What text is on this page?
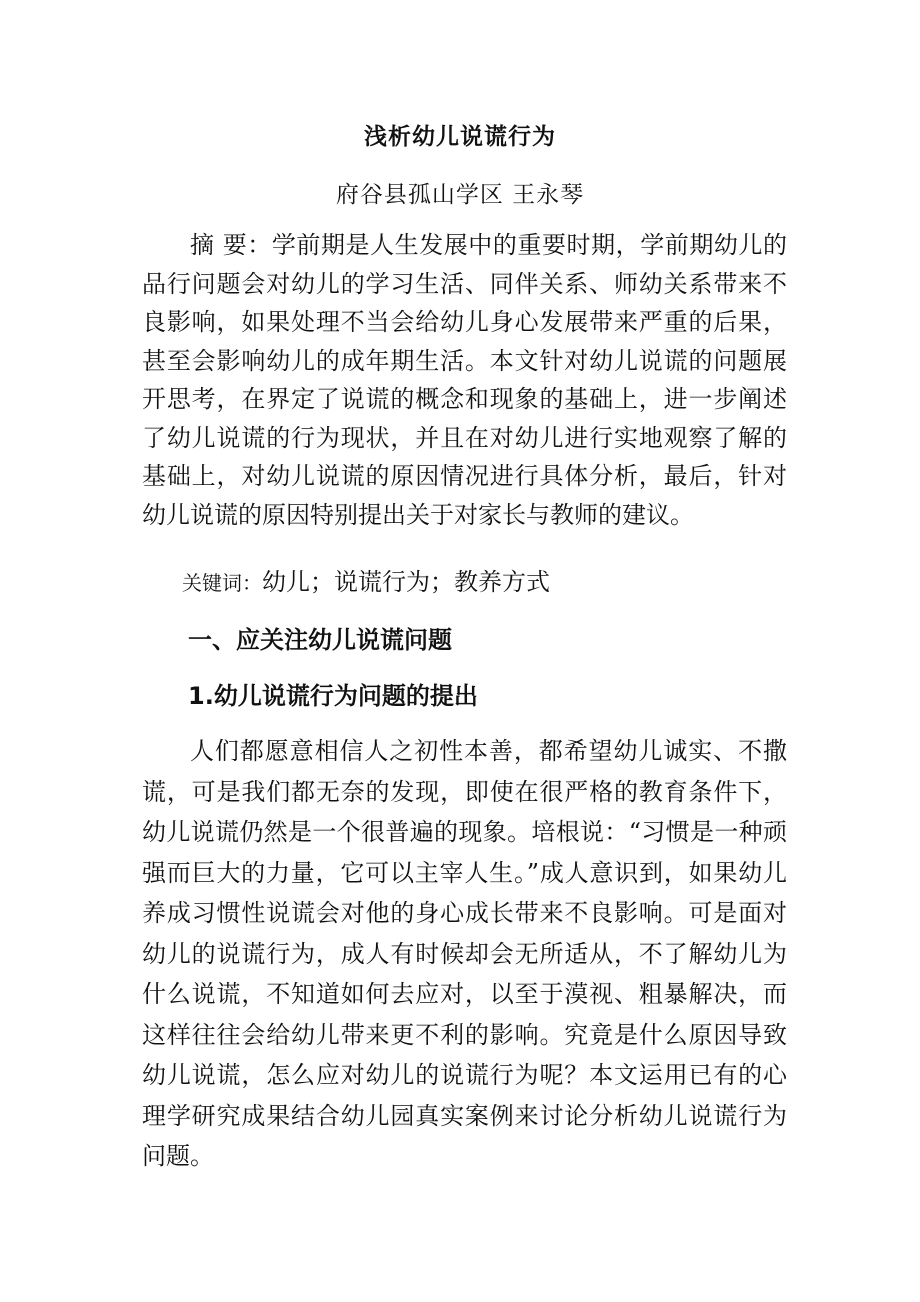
浅析幼儿说谎行为

府谷县孤山学区 王永琴

摘 要：学前期是人生发展中的重要时期，学前期幼儿的品行问题会对幼儿的学习生活、同伴关系、师幼关系带来不良影响，如果处理不当会给幼儿身心发展带来严重的后果，甚至会影响幼儿的成年期生活。本文针对幼儿说谎的问题展开思考，在界定了说谎的概念和现象的基础上，进一步阐述了幼儿说谎的行为现状，并且在对幼儿进行实地观察了解的基础上，对幼儿说谎的原因情况进行具体分析，最后，针对幼儿说谎的原因特别提出关于对家长与教师的建议。

关键词：幼儿；说谎行为；教养方式

一、应关注幼儿说谎问题
1.幼儿说谎行为问题的提出

人们都愿意相信人之初性本善，都希望幼儿诚实、不撒谎，可是我们都无奈的发现，即使在很严格的教育条件下，幼儿说谎仍然是一个很普遍的现象。培根说：“习惯是一种顽强而巨大的力量，它可以主宰人生。”成人意识到，如果幼儿养成习惯性说谎会对他的身心成长带来不良影响。可是面对幼儿的说谎行为，成人有时候却会无所适从，不了解幼儿为什么说谎，不知道如何去应对，以至于漠视、粗暴解决，而这样往往会给幼儿带来更不利的影响。究竟是什么原因导致幼儿说谎，怎么应对幼儿的说谎行为呢？本文运用已有的心理学研究成果结合幼儿园真实案例来讨论分析幼儿说谎行为问题。
